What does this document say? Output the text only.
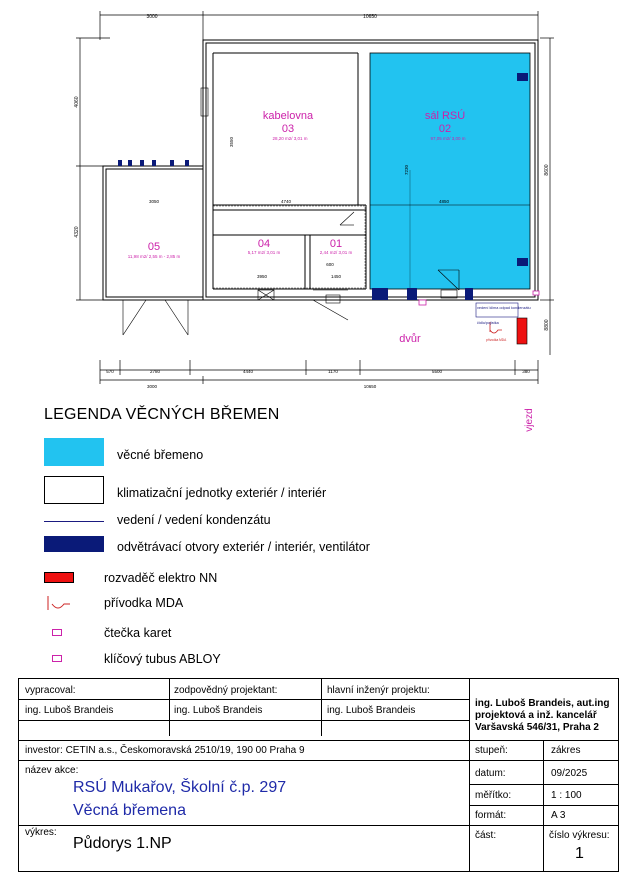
3000	10650
4060
4320
8600
8800
kabelovna
03
28,20 m2/ 3,01 m
sál RSÚ
02
97,05 m2/ 3,00 m
04
5,17 m2/ 3,01 m
01
2,44 m2/ 3,01 m
05
11,98 m2/ 2,55 m - 2,85 m
4740	4850
3950	1450
3550
7230
3050
600
vedení klima odpad kondenzátu
čidlo/pojistka
přívodka MDA
dvůr
vjezd
570	2780	4440	1170	5500	380
3000	10650
LEGENDA VĚCNÝCH BŘEMEN
věcné břemeno
klimatizační jednotky exteriér / interiér
vedení / vedení kondenzátu
odvětrávací otvory exteriér / interiér, ventilátor
rozvaděč elektro NN
přívodka MDA
čtečka karet
klíčový tubus ABLOY
vypracoval:
ing. Luboš Brandeis
zodpovědný projektant:
ing. Luboš Brandeis
hlavní inženýr projektu:
ing. Luboš Brandeis
ing. Luboš Brandeis, aut.ing
projektová a inž. kancelář
Varšavská 546/31, Praha 2
investor: CETIN a.s., Českomoravská 2510/19, 190 00 Praha 9
název akce:
RSÚ Mukařov, Školní č.p. 297
Věcná břemena
výkres:
Půdorys 1.NP
stupeň:	zákres
datum:	09/2025
měřítko:	1 : 100
formát:	A 3
část:	číslo výkresu:
1
